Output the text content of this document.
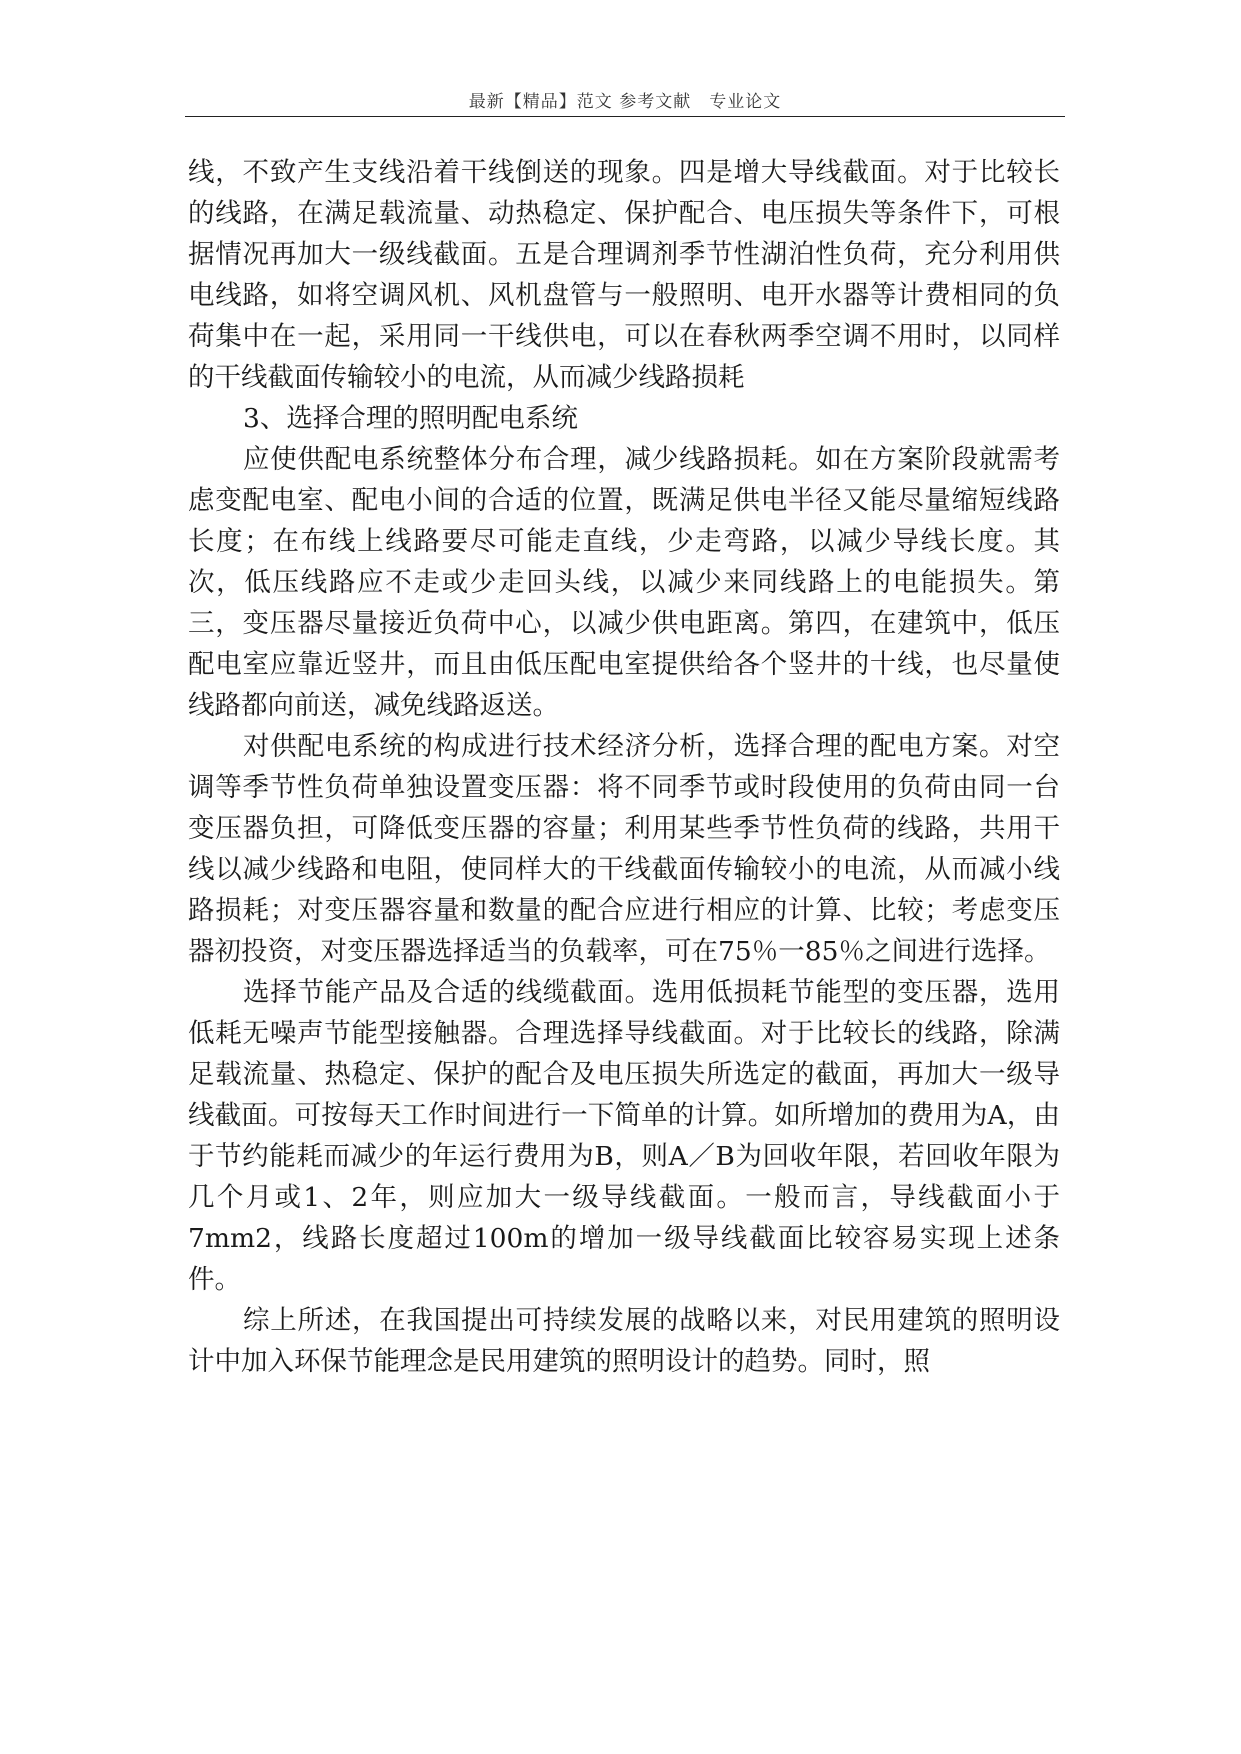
最新【精品】范文 参考文献　专业论文

线，不致产生支线沿着干线倒送的现象。四是增大导线截面。对于比较长的线路，在满足载流量、动热稳定、保护配合、电压损失等条件下，可根据情况再加大一级线截面。五是合理调剂季节性湖泊性负荷，充分利用供电线路，如将空调风机、风机盘管与一般照明、电开水器等计费相同的负荷集中在一起，采用同一干线供电，可以在春秋两季空调不用时，以同样的干线截面传输较小的电流，从而减少线路损耗

3、选择合理的照明配电系统

应使供配电系统整体分布合理，减少线路损耗。如在方案阶段就需考虑变配电室、配电小间的合适的位置，既满足供电半径又能尽量缩短线路长度；在布线上线路要尽可能走直线，少走弯路，以减少导线长度。其次，低压线路应不走或少走回头线，以减少来同线路上的电能损失。第三，变压器尽量接近负荷中心，以减少供电距离。第四，在建筑中，低压配电室应靠近竖井，而且由低压配电室提供给各个竖井的十线，也尽量使线路都向前送，减免线路返送。

对供配电系统的构成进行技术经济分析，选择合理的配电方案。对空调等季节性负荷单独设置变压器：将不同季节或时段使用的负荷由同一台变压器负担，可降低变压器的容量；利用某些季节性负荷的线路，共用干线以减少线路和电阻，使同样大的干线截面传输较小的电流，从而减小线路损耗；对变压器容量和数量的配合应进行相应的计算、比较；考虑变压器初投资，对变压器选择适当的负载率，可在75％一85％之间进行选择。

选择节能产品及合适的线缆截面。选用低损耗节能型的变压器，选用低耗无噪声节能型接触器。合理选择导线截面。对于比较长的线路，除满足载流量、热稳定、保护的配合及电压损失所选定的截面，再加大一级导线截面。可按每天工作时间进行一下简单的计算。如所增加的费用为A，由于节约能耗而减少的年运行费用为B，则A／B为回收年限，若回收年限为几个月或1、2年，则应加大一级导线截面。一般而言，导线截面小于7mm2，线路长度超过100m的增加一级导线截面比较容易实现上述条件。

综上所述，在我国提出可持续发展的战略以来，对民用建筑的照明设计中加入环保节能理念是民用建筑的照明设计的趋势。同时，照
